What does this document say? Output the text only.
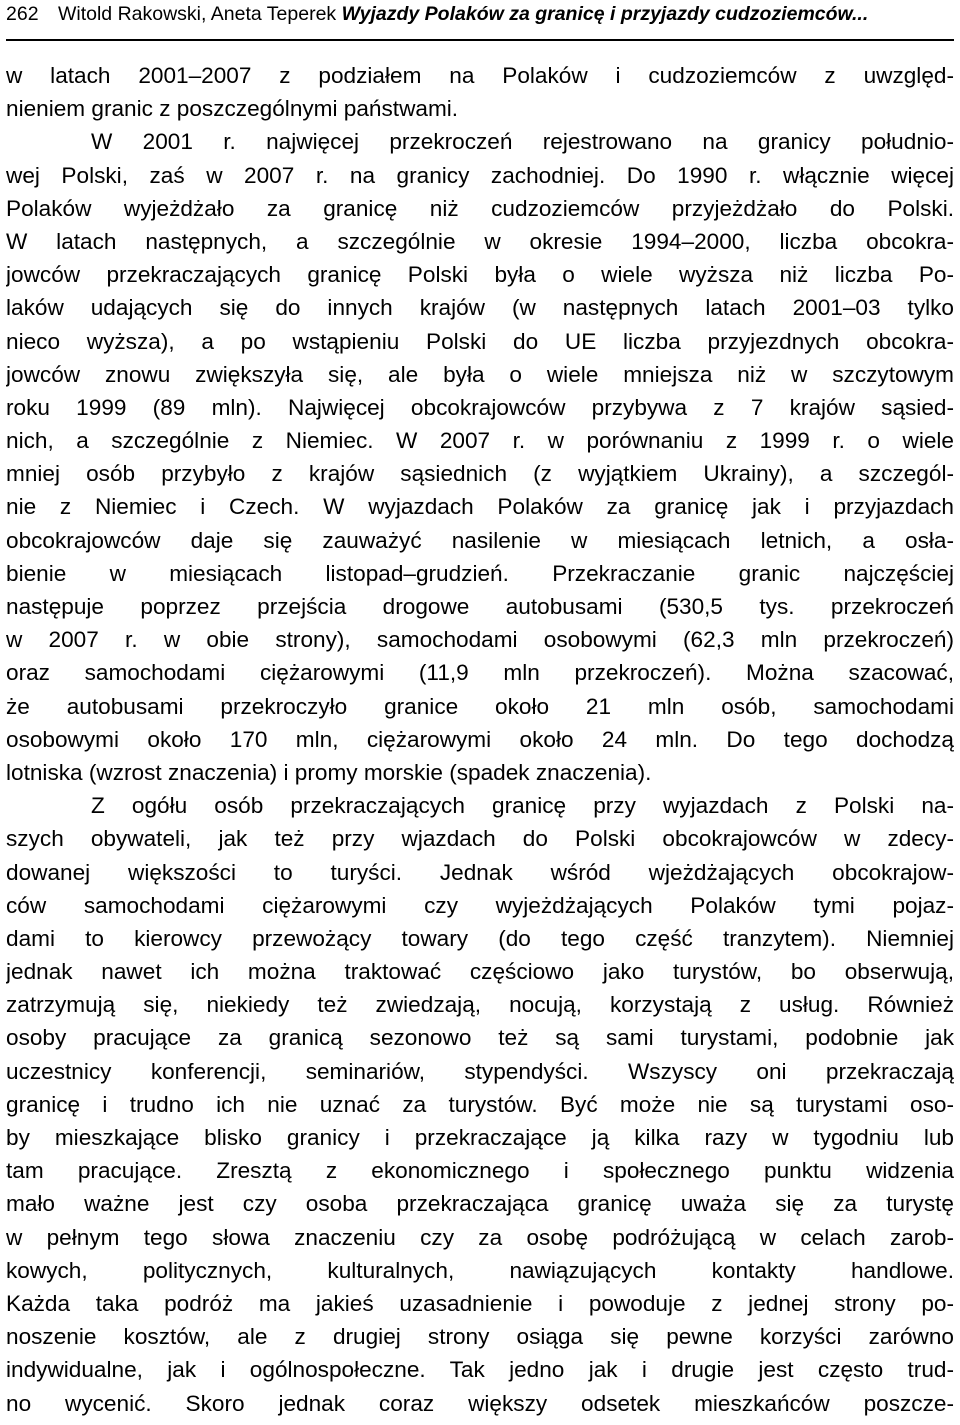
262 Witold Rakowski, Aneta Teperek Wyjazdy Polaków za granicę i przyjazdy cudzoziemców...
w latach 2001–2007 z podziałem na Polaków i cudzoziemców z uwzględ-
nieniem granic z poszczególnymi państwami.
W 2001 r. najwięcej przekroczeń rejestrowano na granicy południo-
wej Polski, zaś w 2007 r. na granicy zachodniej. Do 1990 r. włącznie więcej
Polaków wyjeżdżało za granicę niż cudzoziemców przyjeżdżało do Polski.
W latach następnych, a szczególnie w okresie 1994–2000, liczba obcokra-
jowców przekraczających granicę Polski była o wiele wyższa niż liczba Po-
laków udających się do innych krajów (w następnych latach 2001–03 tylko
nieco wyższa), a po wstąpieniu Polski do UE liczba przyjezdnych obcokra-
jowców znowu zwiększyła się, ale była o wiele mniejsza niż w szczytowym
roku 1999 (89 mln). Najwięcej obcokrajowców przybywa z 7 krajów sąsied-
nich, a szczególnie z Niemiec. W 2007 r. w porównaniu z 1999 r. o wiele
mniej osób przybyło z krajów sąsiednich (z wyjątkiem Ukrainy), a szczegól-
nie z Niemiec i Czech. W wyjazdach Polaków za granicę jak i przyjazdach
obcokrajowców daje się zauważyć nasilenie w miesiącach letnich, a osła-
bienie w miesiącach listopad–grudzień. Przekraczanie granic najczęściej
następuje poprzez przejścia drogowe autobusami (530,5 tys. przekroczeń
w 2007 r. w obie strony), samochodami osobowymi (62,3 mln przekroczeń)
oraz samochodami ciężarowymi (11,9 mln przekroczeń). Można szacować,
że autobusami przekroczyło granice około 21 mln osób, samochodami
osobowymi około 170 mln, ciężarowymi około 24 mln. Do tego dochodzą
lotniska (wzrost znaczenia) i promy morskie (spadek znaczenia).
Z ogółu osób przekraczających granicę przy wyjazdach z Polski na-
szych obywateli, jak też przy wjazdach do Polski obcokrajowców w zdecy-
dowanej większości to turyści. Jednak wśród wjeżdżających obcokrajow-
ców samochodami ciężarowymi czy wyjeżdżających Polaków tymi pojaz-
dami to kierowcy przewożący towary (do tego część tranzytem). Niemniej
jednak nawet ich można traktować częściowo jako turystów, bo obserwują,
zatrzymują się, niekiedy też zwiedzają, nocują, korzystają z usług. Również
osoby pracujące za granicą sezonowo też są sami turystami, podobnie jak
uczestnicy konferencji, seminariów, stypendyści. Wszyscy oni przekraczają
granicę i trudno ich nie uznać za turystów. Być może nie są turystami oso-
by mieszkające blisko granicy i przekraczające ją kilka razy w tygodniu lub
tam pracujące. Zresztą z ekonomicznego i społecznego punktu widzenia
mało ważne jest czy osoba przekraczająca granicę uważa się za turystę
w pełnym tego słowa znaczeniu czy za osobę podróżującą w celach zarob-
kowych, politycznych, kulturalnych, nawiązujących kontakty handlowe.
Każda taka podróż ma jakieś uzasadnienie i powoduje z jednej strony po-
noszenie kosztów, ale z drugiej strony osiąga się pewne korzyści zarówno
indywidualne, jak i ogólnospołeczne. Tak jedno jak i drugie jest często trud-
no wycenić. Skoro jednak coraz większy odsetek mieszkańców poszcze-
